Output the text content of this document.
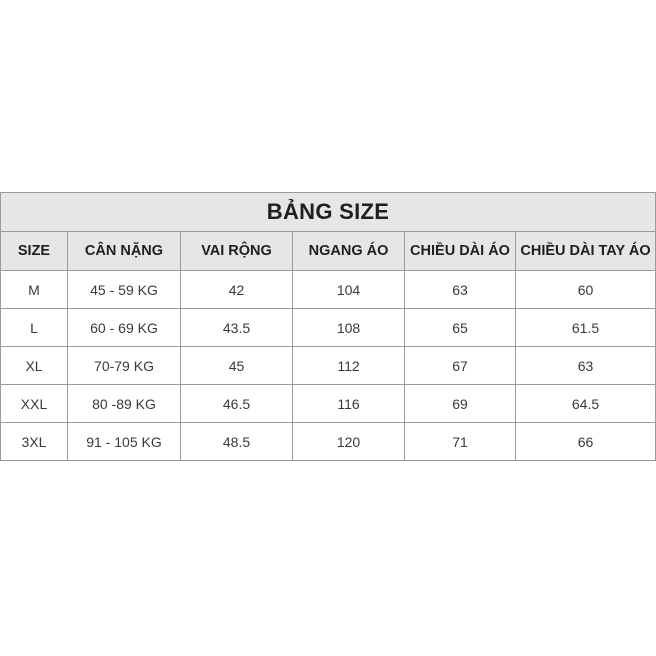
BẢNG SIZE					
SIZE	CÂN NẶNG	VAI RỘNG	NGANG ÁO	CHIỀU DÀI ÁO	CHIỀU DÀI TAY ÁO
M	45 - 59 KG	42	104	63	60
L	60 - 69 KG	43.5	108	65	61.5
XL	70-79 KG	45	112	67	63
XXL	80 -89 KG	46.5	116	69	64.5
3XL	91 - 105 KG	48.5	120	71	66
